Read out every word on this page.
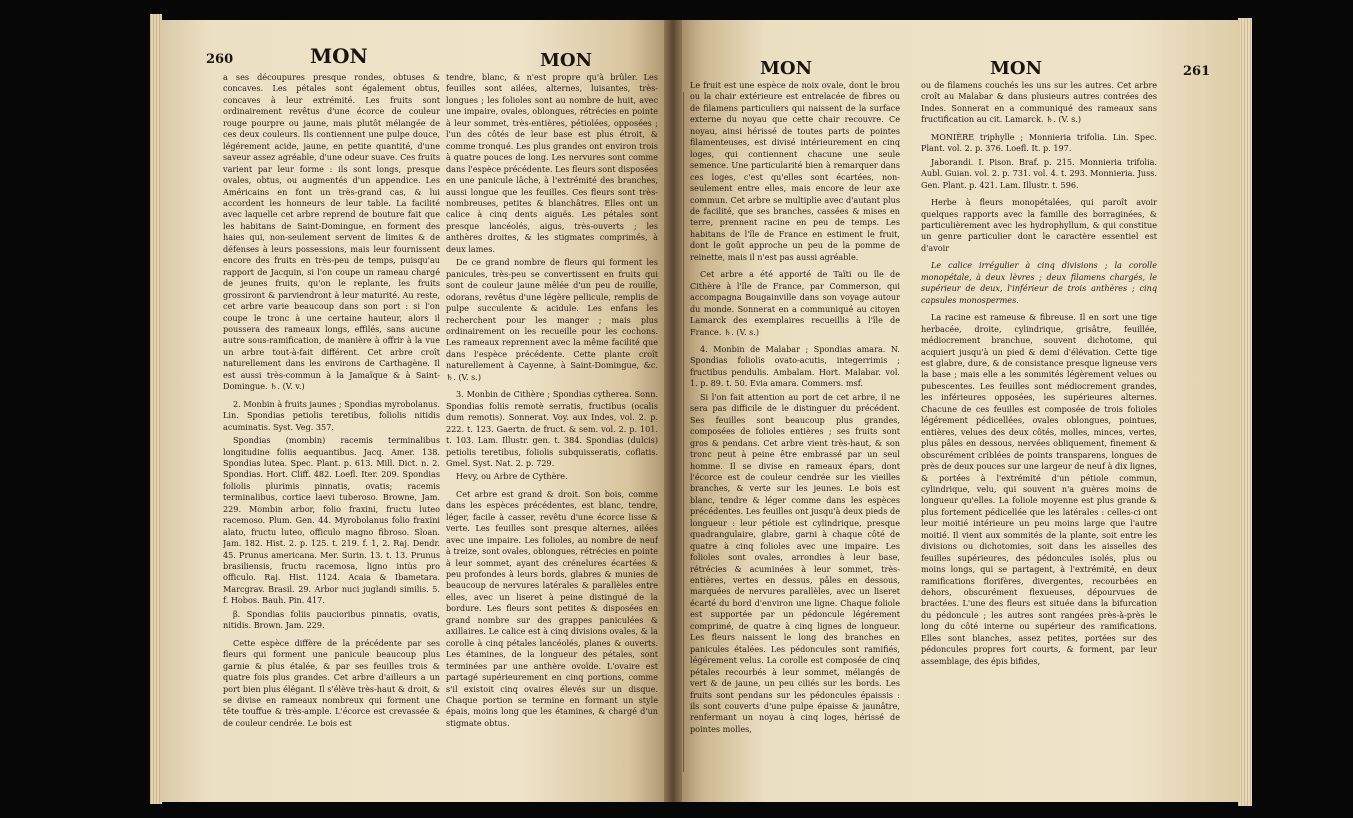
260	MON	MON	MON	MON	261

a ses découpures presque rondes, obtuses & concaves. Les pétales sont également obtus, concaves à leur extrémité. Les fruits sont ordinairement revêtus d'une écorce de couleur rouge pourpre ou jaune, mais plutôt mélangée de ces deux couleurs. Ils contiennent une pulpe douce, légérement acide, jaune, en petite quantité, d'une saveur assez agréable, d'une odeur suave. Ces fruits varient par leur forme : ils sont longs, presque ovales, obtus, ou augmentés d'un appendice. Les Américains en font un très-grand cas, & lui accordent les honneurs de leur table. La facilité avec laquelle cet arbre reprend de bouture fait que les habitans de Saint-Domingue, en forment des haies qui, non-seulement servent de limites & de défenses à leurs possessions, mais leur fournissent encore des fruits en très-peu de temps, puisqu'au rapport de Jacquin, si l'on coupe un rameau chargé de jeunes fruits, qu'on le replante, les fruits grossiront & parviendront à leur maturité. Au reste, cet arbre varie beaucoup dans son port : si l'on coupe le tronc à une certaine hauteur, alors il poussera des rameaux longs, effilés, sans aucune autre sous-ramification, de manière à offrir à la vue un arbre tout-à-fait différent. Cet arbre croît naturellement dans les environs de Carthagène. Il est aussi très-commun à la Jamaïque & à Saint-Domingue. ♄. (V. v.)

2. Monbin à fruits jaunes ; Spondias myrobolanus. Lin. Spondias petiolis teretibus, foliolis nitidis acuminatis. Syst. Veg. 357.

Spondias (mombin) racemis terminalibus longitudine foliis aequantibus. Jacq. Amer. 138. Spondias lutea. Spec. Plant. p. 613. Mill. Dict. n. 2. Spondias. Hort. Cliff. 482. Loefl. Iter. 209. Spondias foliolis plurimis pinnatis, ovatis; racemis terminalibus, cortice laevi tuberoso. Browne, Jam. 229. Mombin arbor, folio fraxini, fructu luteo racemoso. Plum. Gen. 44. Myrobolanus folio fraxini alato, fructu luteo, officulo magno fibroso. Sloan. Jam. 182. Hist. 2. p. 125. t. 219. f. 1, 2. Raj. Dendr. 45. Prunus americana. Mer. Surin. 13. t. 13. Prunus brasiliensis, fructu racemosa, ligno intùs pro officulo. Raj. Hist. 1124. Acaia & Ibametara. Marcgrav. Brasil. 29. Arbor nuci juglandi similis. 5. f. Hobos. Bauh. Pin. 417.

β. Spondias foliis paucioribus pinnatis, ovatis, nitidis. Brown. Jam. 229.

Cette espèce diffère de la précédente par ses fleurs qui forment une panicule beaucoup plus garnie & plus étalée, & par ses feuilles trois & quatre fois plus grandes. Cet arbre d'ailleurs a un port bien plus élégant. Il s'élève très-haut & droit, & se divise en rameaux nombreux qui forment une tête touffue & très-ample. L'écorce est crevassée & de couleur cendrée. Le bois est

tendre, blanc, & n'est propre qu'à brûler. Les feuilles sont ailées, alternes, luisantes, très-longues ; les folioles sont au nombre de huit, avec une impaire, ovales, oblongues, rétrécies en pointe à leur sommet, très-entières, pétiolées, opposées ; l'un des côtés de leur base est plus étroit, & comme tronqué. Les plus grandes ont environ trois à quatre pouces de long. Les nervures sont comme dans l'espèce précédente. Les fleurs sont disposées en une panicule lâche, à l'extrémité des branches, aussi longue que les feuilles. Ces fleurs sont très-nombreuses, petites & blanchâtres. Elles ont un calice à cinq dents aiguës. Les pétales sont presque lancéolés, aigus, très-ouverts ; les anthères droites, & les stigmates comprimés, à deux lames.

De ce grand nombre de fleurs qui forment les panicules, très-peu se convertissent en fruits qui sont de couleur jaune mêlée d'un peu de rouille, odorans, revêtus d'une légère pellicule, remplis de pulpe succulente & acidule. Les enfans les recherchent pour les manger ; mais plus ordinairement on les recueille pour les cochons. Les rameaux reprennent avec la même facilité que dans l'espèce précédente. Cette plante croît naturellement à Cayenne, à Saint-Domingue, &c. ♄. (V. s.)

3. Monbin de Cithère ; Spondias cytherea. Sonn. Spondias foliis remotè serratis, fructibus (ocalis dum remotis). Sonnerat. Voy. aux Indes, vol. 2. p. 222. t. 123. Gaertn. de fruct. & sem. vol. 2. p. 101. t. 103. Lam. Illustr. gen. t. 384. Spondias (dulcis) petiolis teretibus, foliolis subquisseratis, coflatis. Gmel. Syst. Nat. 2. p. 729.

Hevy, ou Arbre de Cythère.

Cet arbre est grand & droit. Son bois, comme dans les espèces précédentes, est blanc, tendre, léger, facile à casser, revêtu d'une écorce lisse & verte. Les feuilles sont presque alternes, ailées avec une impaire. Les folioles, au nombre de neuf à treize, sont ovales, oblongues, rétrécies en pointe à leur sommet, ayant des crénelures écartées & peu profondes à leurs bords, glabres & munies de beaucoup de nervures latérales & parallèles entre elles, avec un liseret à peine distingué de la bordure. Les fleurs sont petites & disposées en grand nombre sur des grappes paniculées & axillaires. Le calice est à cinq divisions ovales, & la corolle à cinq pétales lancéolés, planes & ouverts. Les étamines, de la longueur des pétales, sont terminées par une anthère ovoïde. L'ovaire est partagé supérieurement en cinq portions, comme s'il existoit cinq ovaires élevés sur un disque. Chaque portion se termine en formant un style épais, moins long que les étamines, & chargé d'un stigmate obtus.

Le fruit est une espèce de noix ovale, dont le brou ou la chair extérieure est entrelacée de fibres ou de filamens particuliers qui naissent de la surface externe du noyau que cette chair recouvre. Ce noyau, ainsi hérissé de toutes parts de pointes filamenteuses, est divisé intérieurement en cinq loges, qui contiennent chacune une seule semence. Une particularité bien à remarquer dans ces loges, c'est qu'elles sont écartées, non-seulement entre elles, mais encore de leur axe commun. Cet arbre se multiplie avec d'autant plus de facilité, que ses branches, cassées & mises en terre, prennent racine en peu de temps. Les habitans de l'île de France en estiment le fruit, dont le goût approche un peu de la pomme de reinette, mais il n'est pas aussi agréable.

Cet arbre a été apporté de Taïti ou île de Cithère à l'île de France, par Commerson, qui accompagna Bougainville dans son voyage autour du monde. Sonnerat en a communiqué au citoyen Lamarck des exemplaires recueillis à l'île de France. ♄. (V. s.)

4. Monbin de Malabar ; Spondias amara. N. Spondias foliolis ovato-acutis, integerrimis ; fructibus pendulis. Ambalam. Hort. Malabar. vol. 1. p. 89. t. 50. Evia amara. Commers. msf.

Si l'on fait attention au port de cet arbre, il ne sera pas difficile de le distinguer du précédent. Ses feuilles sont beaucoup plus grandes, composées de folioles entières ; ses fruits sont gros & pendans. Cet arbre vient très-haut, & son tronc peut à peine être embrassé par un seul homme. Il se divise en rameaux épars, dont l'écorce est de couleur cendrée sur les vieilles branches, & verte sur les jeunes. Le bois est blanc, tendre & léger comme dans les espèces précédentes. Les feuilles ont jusqu'à deux pieds de longueur : leur pétiole est cylindrique, presque quadrangulaire, glabre, garni à chaque côté de quatre à cinq folioles avec une impaire. Les folioles sont ovales, arrondies à leur base, rétrécies & acuminées à leur sommet, très-entières, vertes en dessus, pâles en dessous, marquées de nervures parallèles, avec un liseret écarté du bord d'environ une ligne. Chaque foliole est supportée par un pédoncule légérement comprimé, de quatre à cinq lignes de longueur. Les fleurs naissent le long des branches en panicules étalées. Les pédoncules sont ramifiés, légérement velus. La corolle est composée de cinq pétales recourbés à leur sommet, mélangés de vert & de jaune, un peu ciliés sur les bords. Les fruits sont pendans sur les pédoncules épaissis : ils sont couverts d'une pulpe épaisse & jaunâtre, renfermant un noyau à cinq loges, hérissé de pointes molles,

ou de filamens couchés les uns sur les autres. Cet arbre croît au Malabar & dans plusieurs autres contrées des Indes. Sonnerat en a communiqué des rameaux sans fructification au cit. Lamarck. ♄. (V. s.)

MONIÈRE triphylle ; Monnieria trifolia. Lin. Spec. Plant. vol. 2. p. 376. Loefl. It. p. 197.

Jaborandi. I. Pison. Braf. p. 215. Monnieria trifolia. Aubl. Guian. vol. 2. p. 731. vol. 4. t. 293. Monnieria. Juss. Gen. Plant. p. 421. Lam. Illustr. t. 596.

Herbe à fleurs monopétalées, qui paroît avoir quelques rapports avec la famille des borraginées, & particulièrement avec les hydrophyllum, & qui constitue un genre particulier dont le caractère essentiel est d'avoir

Le calice irrégulier à cinq divisions ; la corolle monopétale, à deux lèvres ; deux filamens chargés, le supérieur de deux, l'inférieur de trois anthères ; cinq capsules monospermes.

La racine est rameuse & fibreuse. Il en sort une tige herbacée, droite, cylindrique, grisâtre, feuillée, médiocrement branchue, souvent dichotome, qui acquiert jusqu'à un pied & demi d'élévation. Cette tige est glabre, dure, & de consistance presque ligneuse vers la base ; mais elle a les sommités légèrement velues ou pubescentes. Les feuilles sont médiocrement grandes, les inférieures opposées, les supérieures alternes. Chacune de ces feuilles est composée de trois folioles légérement pédicellées, ovales oblongues, pointues, entières, velues des deux côtés, molles, minces, vertes, plus pâles en dessous, nervées obliquement, finement & obscurément criblées de points transparens, longues de près de deux pouces sur une largeur de neuf à dix lignes, & portées à l'extrémité d'un pétiole commun, cylindrique, velu, qui souvent n'a guères moins de longueur qu'elles. La foliole moyenne est plus grande & plus fortement pédicellée que les latérales : celles-ci ont leur moitié intérieure un peu moins large que l'autre moitié. Il vient aux sommités de la plante, soit entre les divisions ou dichotomies, soit dans les aisselles des feuilles supérieures, des pédoncules isolés, plus ou moins longs, qui se partagent, à l'extrémité, en deux ramifications florifères, divergentes, recourbées en dehors, obscurément flexueuses, dépourvues de bractées. L'une des fleurs est située dans la bifurcation du pédoncule ; les autres sont rangées près-à-près le long du côté interne ou supérieur des ramifications. Elles sont blanches, assez petites, portées sur des pédoncules propres fort courts, & forment, par leur assemblage, des épis bifides,
